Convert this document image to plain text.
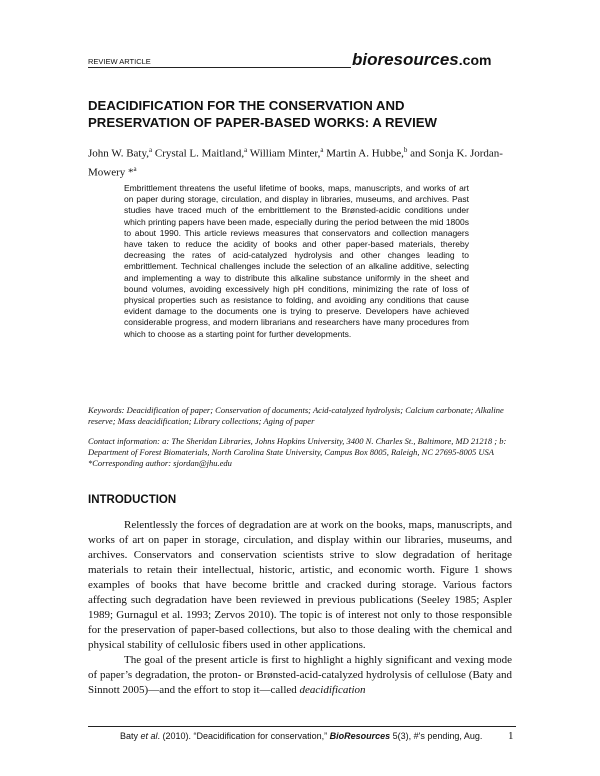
REVIEW ARTICLE	bioresources.com
DEACIDIFICATION FOR THE CONSERVATION AND PRESERVATION OF PAPER-BASED WORKS: A REVIEW
John W. Baty,$^a$ Crystal L. Maitland,$^a$ William Minter,$^a$ Martin A. Hubbe,$^b$ and Sonja K. Jordan-Mowery *$^a$
Embrittlement threatens the useful lifetime of books, maps, manuscripts, and works of art on paper during storage, circulation, and display in libraries, museums, and archives. Past studies have traced much of the embrittlement to the Brønsted-acidic conditions under which printing papers have been made, especially during the period between the mid 1800s to about 1990. This article reviews measures that conservators and collection managers have taken to reduce the acidity of books and other paper-based materials, thereby decreasing the rates of acid-catalyzed hydrolysis and other changes leading to embrittlement. Technical challenges include the selection of an alkaline additive, selecting and implementing a way to distribute this alkaline substance uniformly in the sheet and bound volumes, avoiding excessively high pH conditions, minimizing the rate of loss of physical properties such as resistance to folding, and avoiding any conditions that cause evident damage to the documents one is trying to preserve. Developers have achieved considerable progress, and modern librarians and researchers have many procedures from which to choose as a starting point for further developments.
Keywords: Deacidification of paper; Conservation of documents; Acid-catalyzed hydrolysis; Calcium carbonate; Alkaline reserve; Mass deacidification; Library collections; Aging of paper
Contact information: a: The Sheridan Libraries, Johns Hopkins University, 3400 N. Charles St., Baltimore, MD 21218 ; b: Department of Forest Biomaterials, North Carolina State University, Campus Box 8005, Raleigh, NC 27695-8005 USA *Corresponding author: sjordan@jhu.edu
INTRODUCTION

Relentlessly the forces of degradation are at work on the books, maps, manuscripts, and works of art on paper in storage, circulation, and display within our libraries, museums, and archives. Conservators and conservation scientists strive to slow degradation of heritage materials to retain their intellectual, historic, artistic, and economic worth. Figure 1 shows examples of books that have become brittle and cracked during storage. Various factors affecting such degradation have been reviewed in previous publications (Seeley 1985; Aspler 1989; Gurnagul et al. 1993; Zervos 2010). The topic is of interest not only to those responsible for the preservation of paper-based collections, but also to those dealing with the chemical and physical stability of cellulosic fibers used in other applications.

The goal of the present article is first to highlight a highly significant and vexing mode of paper’s degradation, the proton- or Brønsted-acid-catalyzed hydrolysis of cellulose (Baty and Sinnott 2005)—and the effort to stop it—called deacidification

Baty et al. (2010). “Deacidification for conservation,” BioResources 5(3), #'s pending, Aug. 1
